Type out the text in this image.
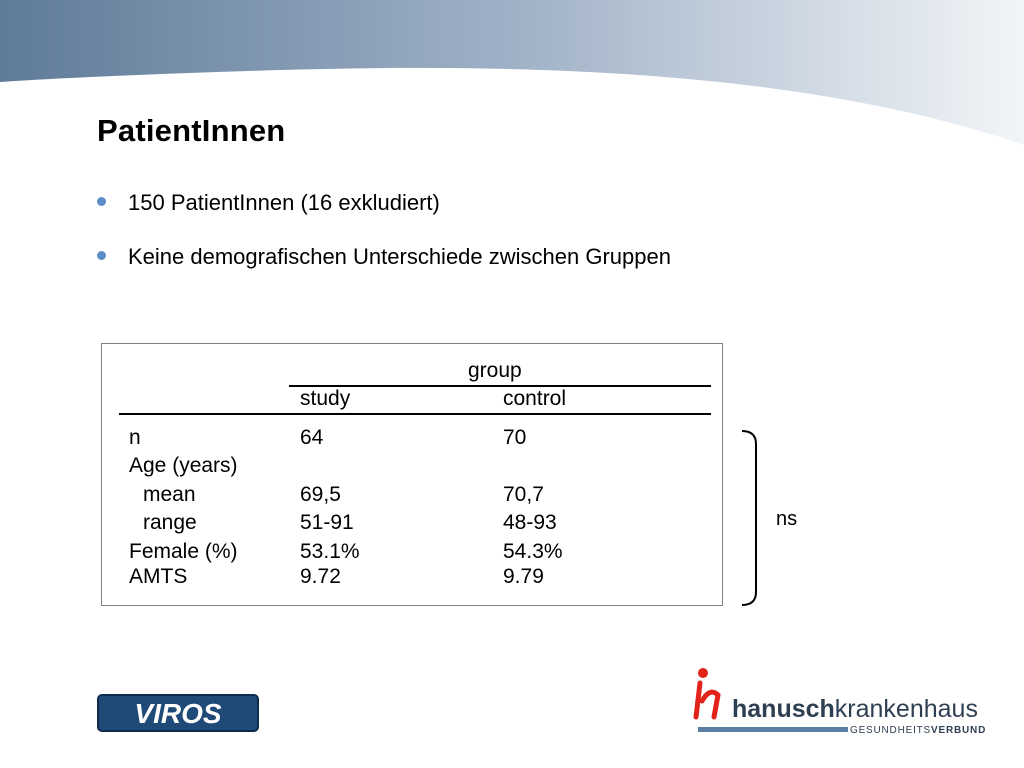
PatientInnen
150 PatientInnen (16 exkludiert)
Keine demografischen Unterschiede zwischen Gruppen
group
study	control
n	64	70
Age (years)
mean	69,5	70,7
range	51-91	48-93
Female (%)	53.1%	54.3%
AMTS	9.72	9.79
ns
VIROS	hanuschkrankenhaus
GESUNDHEITSVERBUND
